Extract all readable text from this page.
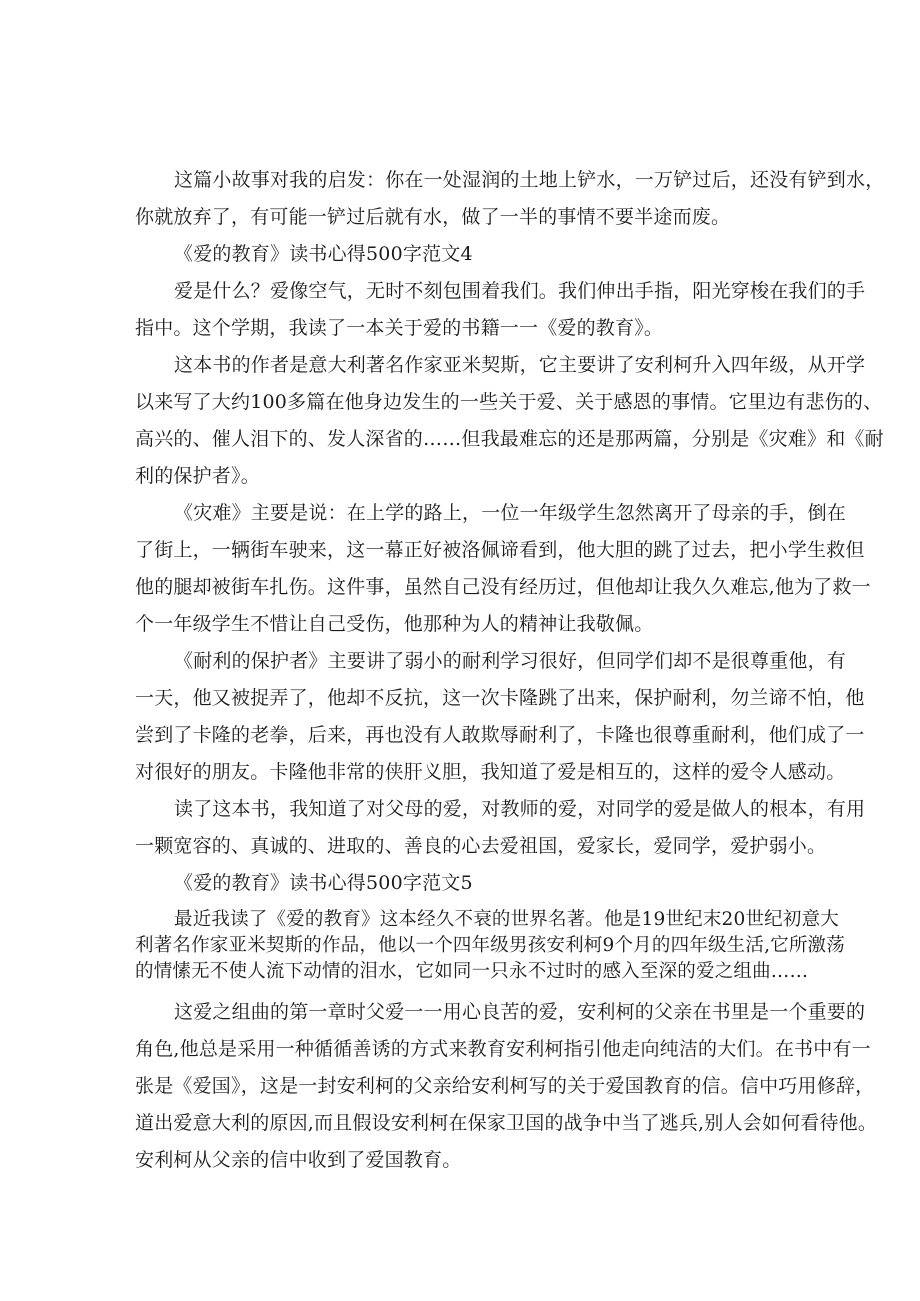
这篇小故事对我的启发：你在一处湿润的土地上铲水，一万铲过后，还没有铲到水，
你就放弃了，有可能一铲过后就有水，做了一半的事情不要半途而废。
《爱的教育》读书心得500字范文4
爱是什么？爱像空气，无时不刻包围着我们。我们伸出手指，阳光穿梭在我们的手
指中。这个学期，我读了一本关于爱的书籍一一《爱的教育》。
这本书的作者是意大利著名作家亚米契斯，它主要讲了安利柯升入四年级，从开学
以来写了大约100多篇在他身边发生的一些关于爱、关于感恩的事情。它里边有悲伤的、
高兴的、催人泪下的、发人深省的……但我最难忘的还是那两篇，分别是《灾难》和《耐
利的保护者》。
《灾难》主要是说：在上学的路上，一位一年级学生忽然离开了母亲的手，倒在
了街上，一辆街车驶来，这一幕正好被洛佩谛看到，他大胆的跳了过去，把小学生救但
他的腿却被街车扎伤。这件事，虽然自己没有经历过，但他却让我久久难忘,他为了救一
个一年级学生不惜让自己受伤，他那种为人的精神让我敬佩。
《耐利的保护者》主要讲了弱小的耐利学习很好，但同学们却不是很尊重他，有
一天，他又被捉弄了，他却不反抗，这一次卡隆跳了出来，保护耐利，勿兰谛不怕，他
尝到了卡隆的老拳，后来，再也没有人敢欺辱耐利了，卡隆也很尊重耐利，他们成了一
对很好的朋友。卡隆他非常的侠肝义胆，我知道了爱是相互的，这样的爱令人感动。
读了这本书，我知道了对父母的爱，对教师的爱，对同学的爱是做人的根本，有用
一颗宽容的、真诚的、进取的、善良的心去爱祖国，爱家长，爱同学，爱护弱小。
《爱的教育》读书心得500字范文5
最近我读了《爱的教育》这本经久不衰的世界名著。他是19世纪末20世纪初意大
利著名作家亚米契斯的作品，他以一个四年级男孩安利柯9个月的四年级生活,它所激荡
的情愫无不使人流下动情的泪水，它如同一只永不过时的感入至深的爱之组曲……
这爱之组曲的第一章时父爱一一用心良苦的爱，安利柯的父亲在书里是一个重要的
角色,他总是采用一种循循善诱的方式来教育安利柯指引他走向纯洁的大们。在书中有一
张是《爱国》，这是一封安利柯的父亲给安利柯写的关于爱国教育的信。信中巧用修辞，
道出爱意大利的原因,而且假设安利柯在保家卫国的战争中当了逃兵,别人会如何看待他。
安利柯从父亲的信中收到了爱国教育。
